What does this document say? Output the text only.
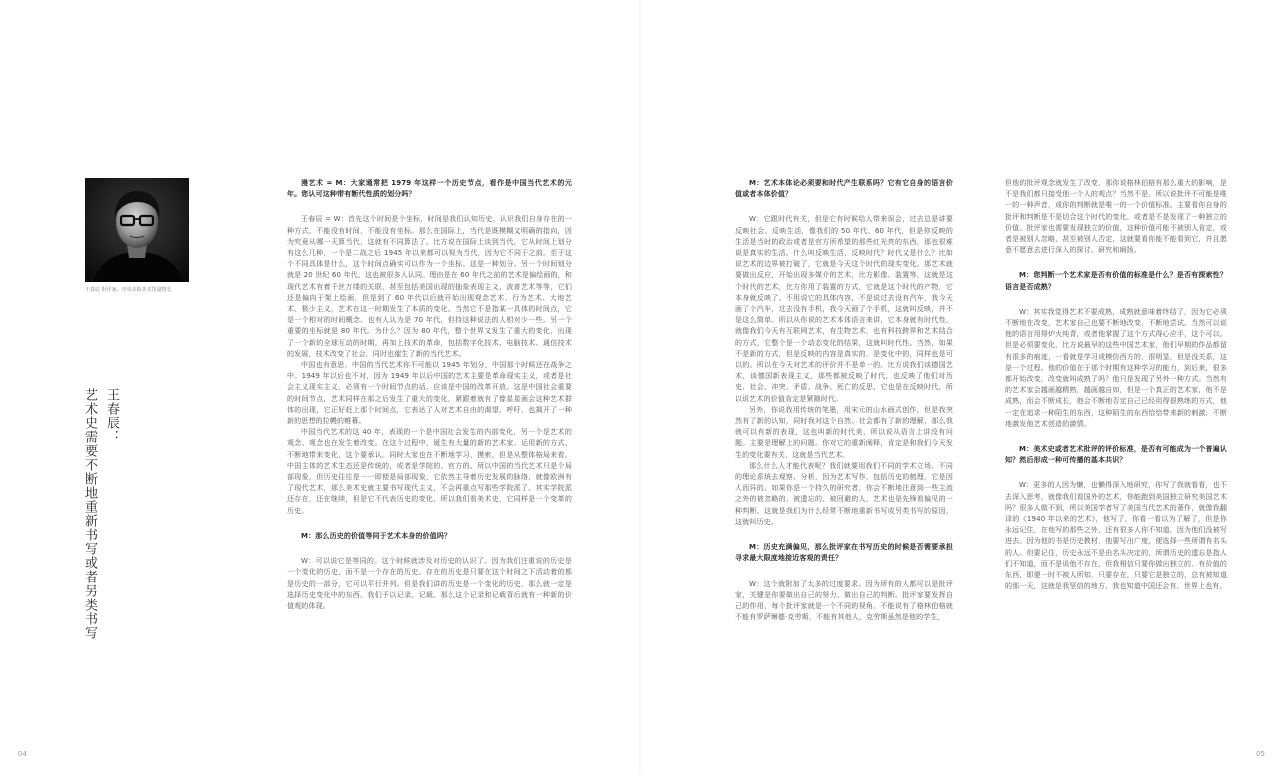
王春辰 批评家、中央美院美术馆副馆长
王春辰：
艺术史需要不断地重新书写或者另类书写

漫艺术 = M：大家通常把 1979 年这样一个历史节点，看作是中国当代艺术的元年。您认可这种带有断代性质的划分吗？

王春辰 = W：首先这个时间是个坐标，时间是我们认知历史、认识我们自身存在的一种方式，不能没有时间，不能没有坐标。那么在国际上，当代是既模糊又明确的指向，因为究竟从哪一天算当代，这就有不同算法了。比方说在国际上谈到当代，它从时间上划分有这么几种，一个是二战之后 1945 年以来都可以视为当代，因为它不同于之前。至于这个不同具体是什么，这个时间点确实可以作为一个坐标。这是一种划分。另一个时间划分就是 20 世纪 60 年代，这也被很多人认同。理由是在 60 年代之前的艺术是偏绘画的，和现代艺术有着千丝万缕的关联，甚至包括美国出现的抽象表现主义、波普艺术等等，它们还是偏向于架上绘画，但是到了 60 年代以后就开始出现观念艺术、行为艺术、大地艺术、极少主义，艺术在这一时期发生了本质的变化。当然它不是指某一具体的时间点，它是一个相对的时间概念。也有人认为是 70 年代，但持这种说法的人相对少一些。另一个重要的坐标就是 80 年代。为什么？因为 80 年代，整个世界又发生了重大的变化，出现了一个新的全球互动的时期，再加上技术的革命，包括数字化技术、电脑技术、通信技术的发展，技术改变了社会，同时也催生了新的当代艺术。

中国也有意思，中国的当代艺术你不可能以 1945 年划分，中国那个时候还在战争之中。1949 年以后也不对，因为 1949 年以后中国的艺术主要是革命现实主义，或者是社会主义现实主义，必须有一个时间节点的话，应该是中国的改革开放。这是中国社会重要的时间节点，艺术同样在那之后发生了重大的变化，紧跟着就有了像星星画会这种艺术群体的出现，它正好赶上那个时间点，它表达了人对艺术自由的渴望、呼吁，也揭开了一种新的思想的拉幔的帷幕。

中国当代艺术的这 40 年，表现的一个是中国社会发生的内部变化，另一个是艺术的观念、观念也在发生着改变。在这个过程中，诞生有大量的新的艺术家、运用新的方式、不断地带来变化，这个要承认。同时大家也在不断地学习、摸索，但是从整体格局来看，中国主体的艺术生态还是传统的，或者是学院的、官方的。所以中国的当代艺术只是个局部现象，但历史往往是一一即便是局部现象，它依然主导着历史发展的脉络，就像欧洲有了现代艺术，那么美术史就主要书写现代主义，不会再重点写那些学院派了。其实学院派还存在，还在继续，但是它不代表历史的变化，所以我们看美术史，它同样是一个变革的历史。

M：那么历史的价值等同于艺术本身的价值吗？

W：可以说它是等同的。这个时候就涉及对历史的认识了。因为我们注重说的历史是一个变化的历史，而不是一个存在的历史。存在的历史是只要在这个时间之下活动着的都是历史的一部分，它可以平行并列。但是我们讲的历史是一个变化的历史，那么就一定是选择历史变化中的东西。我们予以记录、记载。那么这个记录和记载背后就有一种新的价值观的体现。

M：艺术本体论必须要和时代产生联系吗？它有它自身的语言价值或者本体价值？

W：它跟时代有关，但是它有时候给人带来误会，过去总是讲要反映社会、反映生活，像我们的 50 年代、60 年代，但是你反映的生活是当时的政治或者是官方所希望的那些红光亮的东西，那也很难说是真实的生活。什么叫反映生活、反映时代？时代又是什么？比如说艺术的边界被打破了，它就是今天这个时代的现实变化。那艺术就要做出反应，开始出现多媒介的艺术，比方影像、装置等，这就是这个时代的艺术，比方你用了装置的方式，它就是这个时代的产物，它本身就反映了。不用说它的具体内容，不是说过去没有汽车，我今天画了个汽车，过去没有手机，我今天画了个手机，这就叫反映，并不是这么简单。所以从你说的艺术本体语言来讲，它本身就有时代性，就像我们今天有互联网艺术，有生物艺术，也有科技跨界和艺术结合的方式，它整个是一个动态变化的结果，这就叫时代性。当然，如果不是新的方式，但是反映的内容是真实的，是变化中的，同样也是可以的。所以在今天对艺术的评价并不是单一的。比方说我们谈德国艺术，谈德国新表现主义，那些都被反映了时代，也反映了他们对历史、社会、冲突、矛盾、战争、死亡的反思，它也是在反映时代，所以说艺术的价值肯定是紧随时代。

另外，你说我用传统的笔墨，用宋元的山水画式创作，但是我突然有了新的认知，同时我对这个自然、社会都有了新的理解，那么我就可以有新的表现，这也叫新的时代美，所以说从语言上讲没有问题。主要是理解上的问题。你对它的重新阐释，肯定是和我们今天发生的变化要有关，这就是当代艺术。

那么什么人才能代表呢？我们就要用我们不同的学术立场、不同的理论系统去观察、分析，因为艺术写作，包括历史的梳理，它是因人而异的。如果你是一个持久的研究者，你会不断地注意到一些主流之外的被忽略的、被遗忘的、被回避的人，艺术也是先锋看偏见的一种判断。这就是我们为什么经常不断地重新书写或另类书写的原因，这就叫历史。

M：历史充满偏见，那么批评家在书写历史的时候是否需要承担寻求最大限度地接近客观的责任？

W：这个就附加了太多的过度要求。因为所有的人都可以是批评家，关键是你要做出自己的努力、做出自己的判断。批评家要发挥自己的作用，每个批评家就是一个不同的视角。不能说有了格林伯格就不能有罗萨琳德·克劳斯，不能有其他人，克劳斯虽然是他的学生，

但他的批评观念就发生了改变，那你说格林伯格有那么重大的影响，是不是我们都只接受他一个人的观点？当然不是。所以说批评不可能是唯一的一种声音，或你的判断就是唯一的一个价值标准。主要看你自身的批评和判断是不是切合这个时代的变化，或者是不是发现了一种独立的价值。批评家也需要发现独立的价值，这种价值可能不被别人肯定，或者是被别人忽略，甚至被别人否定，这就要看你能不能看到它，并且愿意不愿意去进行深入的探讨、研究和阐扬。

M：您判断一个艺术家是否有价值的标准是什么？是否有探索性？语言是否成熟？

W：其实我觉得艺术不要成熟，成熟就意味着终结了，因为它必须不断地在改变，艺术家自己也要不断地改变，不断地尝试。当然可以说他的语言用得炉火纯青，或者他掌握了这个方式得心应手，这个可以。但是必须要变化，比方说最早的这些中国艺术家，他们早期的作品都留有很多的痕迹，一看就是学习或模仿西方的，很明显，但是没关系，这是一个过程。他的价值在于那个时期有这种学习的能力，到后来，很多都开始改变，改变就叫成熟了吗？他只是发现了另外一种方式。当然有的艺术家会越画越精熟，越画越自如，但是一个真正的艺术家，他不是成熟，而会不断成长，他会不断地否定自己已经用得很熟练的方式，他一定在追求一种陌生的东西，这种陌生的东西恰恰带来新的刺激，不断地激发他艺术创造的激情。

M：美术史或者艺术批评的评价标准，是否有可能成为一个普遍认知？然后形成一种可传播的基本共识？

W：更多的人因为懒，也懒得深入地研究，你写了我就看看，也不去深入思考，就像我们看国外的艺术，你能跑到美国独立研究美国艺术吗？很多人做不到，所以美国学者写了美国当代艺术的著作，就像我翻译的《1940 年以来的艺术》，他写了，你看一看以为了解了，但是你永远记住，在他写的那些之外，还有很多人你不知道，因为他们没被写进去。因为他的书是历史教材，他要写出广度，便选择一些所谓有名头的人。但要记住，历史永远不是由名头决定的，所谓历史的遗忘是指人们不知道，而不是说他不存在，但我相信只要你做出独立的、有价值的东西，即便一时不被人所知，只要存在，只要它是独立的，总有被知道的那一天，这就是我坚信的地方，我也知道中国还会有，世界上也有。

04	05
